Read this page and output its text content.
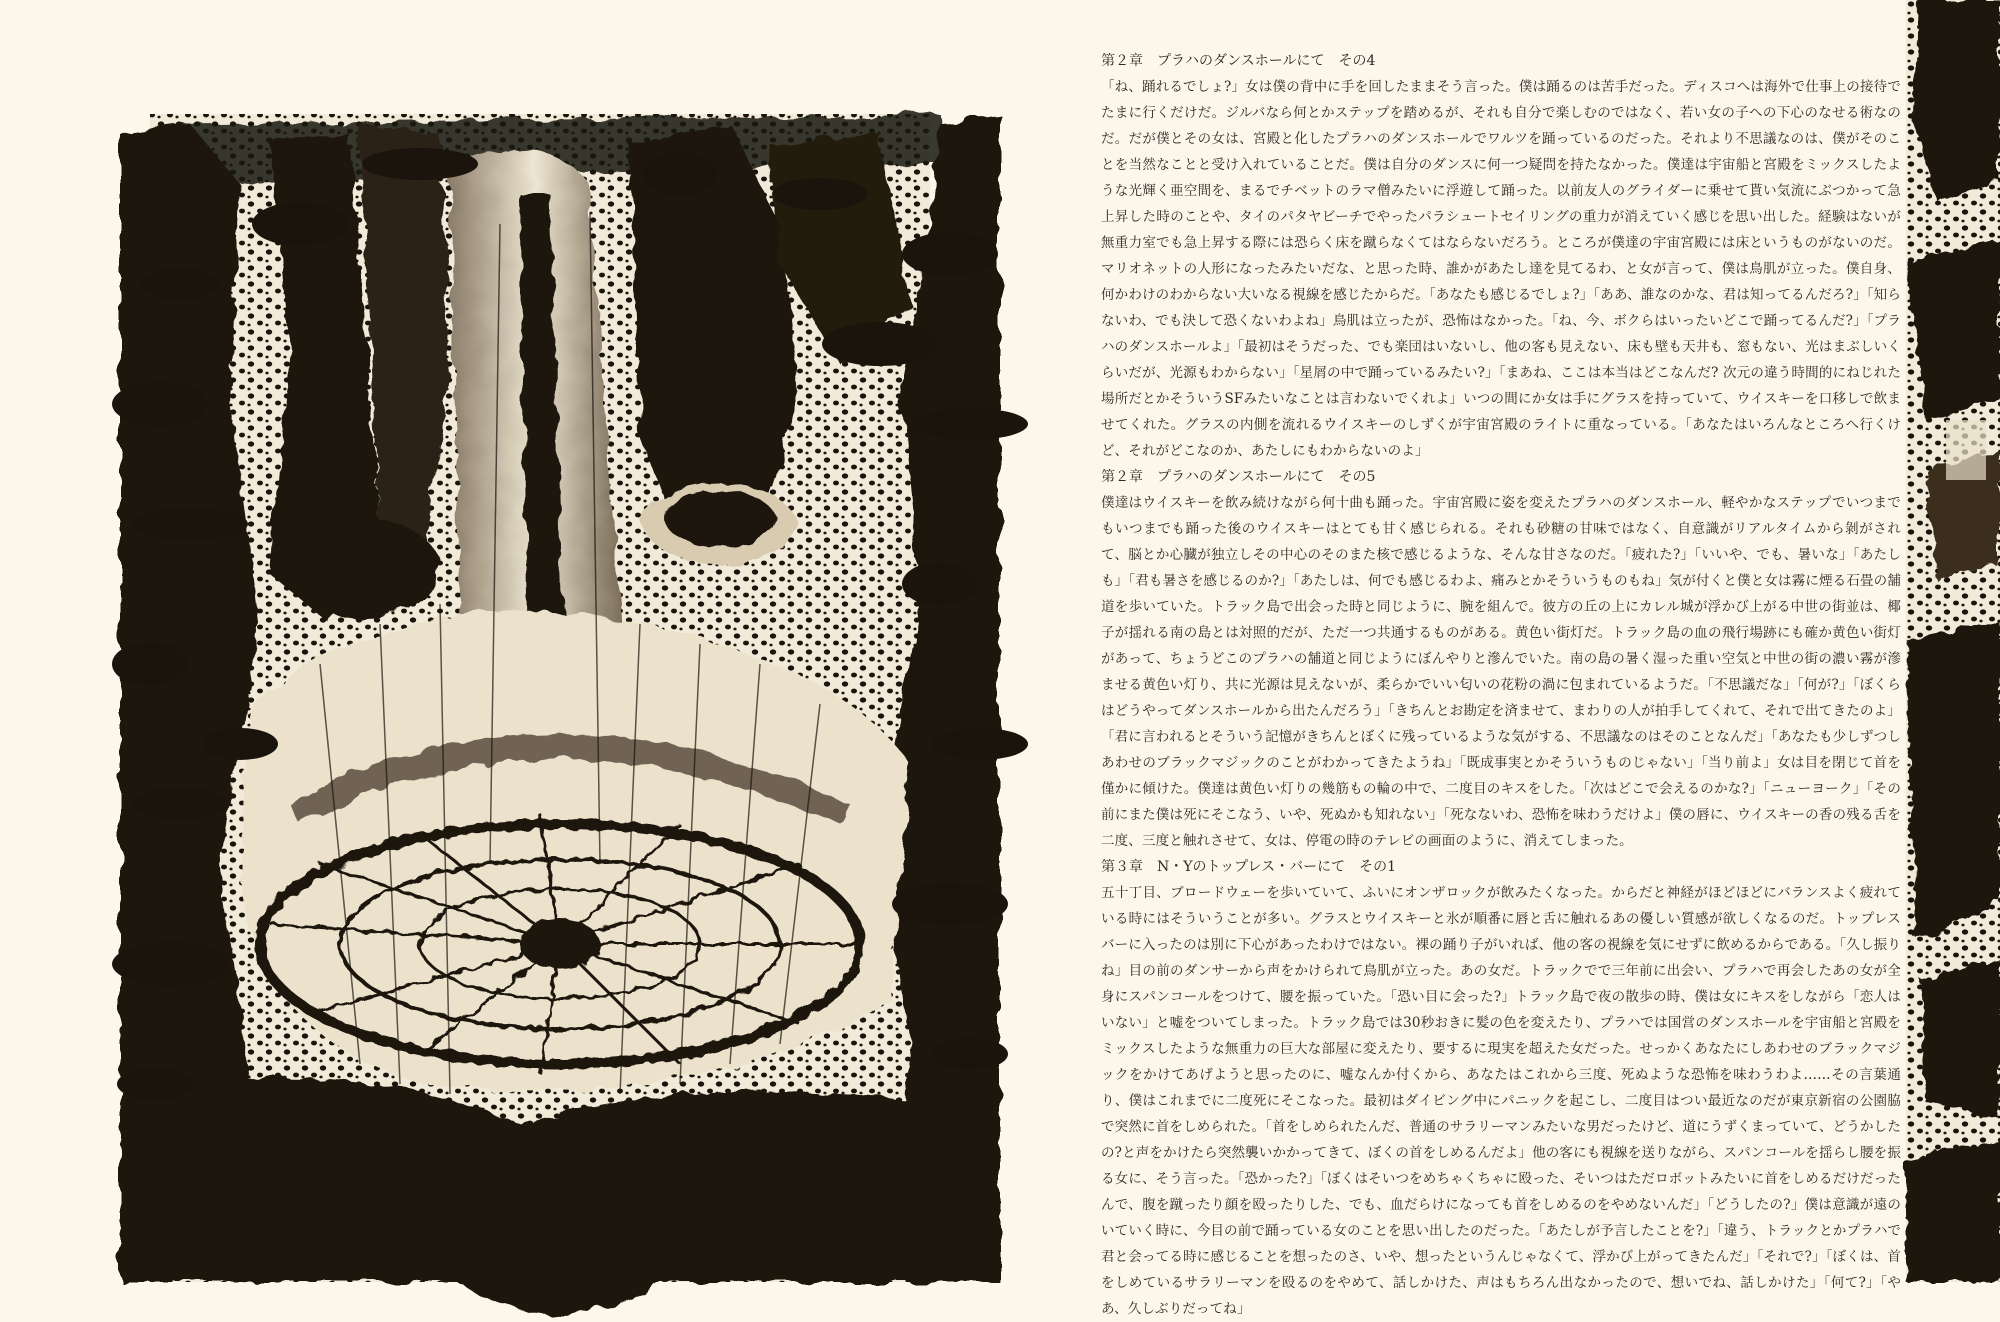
第２章　プラハのダンスホールにて　その4

「ね、踊れるでしょ?」女は僕の背中に手を回したままそう言った。僕は踊るのは苦手だった。ディスコへは海外で仕事上の接待でたまに行くだけだ。ジルバなら何とかステップを踏めるが、それも自分で楽しむのではなく、若い女の子への下心のなせる術なのだ。だが僕とその女は、宮殿と化したプラハのダンスホールでワルツを踊っているのだった。それより不思議なのは、僕がそのことを当然なことと受け入れていることだ。僕は自分のダンスに何一つ疑問を持たなかった。僕達は宇宙船と宮殿をミックスしたような光輝く亜空間を、まるでチベットのラマ僧みたいに浮遊して踊った。以前友人のグライダーに乗せて貰い気流にぶつかって急上昇した時のことや、タイのパタヤビーチでやったパラシュートセイリングの重力が消えていく感じを思い出した。経験はないが無重力室でも急上昇する際には恐らく床を蹴らなくてはならないだろう。ところが僕達の宇宙宮殿には床というものがないのだ。マリオネットの人形になったみたいだな、と思った時、誰かがあたし達を見てるわ、と女が言って、僕は鳥肌が立った。僕自身、何かわけのわからない大いなる視線を感じたからだ。「あなたも感じるでしょ?」「ああ、誰なのかな、君は知ってるんだろ?」「知らないわ、でも決して恐くないわよね」鳥肌は立ったが、恐怖はなかった。「ね、今、ボクらはいったいどこで踊ってるんだ?」「プラハのダンスホールよ」「最初はそうだった、でも楽団はいないし、他の客も見えない、床も壁も天井も、窓もない、光はまぶしいくらいだが、光源もわからない」「星屑の中で踊っているみたい?」「まあね、ここは本当はどこなんだ? 次元の違う時間的にねじれた場所だとかそういうSFみたいなことは言わないでくれよ」いつの間にか女は手にグラスを持っていて、ウイスキーを口移しで飲ませてくれた。グラスの内側を流れるウイスキーのしずくが宇宙宮殿のライトに重なっている。「あなたはいろんなところへ行くけど、それがどこなのか、あたしにもわからないのよ」

第２章　プラハのダンスホールにて　その5

僕達はウイスキーを飲み続けながら何十曲も踊った。宇宙宮殿に姿を変えたプラハのダンスホール、軽やかなステップでいつまでもいつまでも踊った後のウイスキーはとても甘く感じられる。それも砂糖の甘味ではなく、自意識がリアルタイムから剝がされて、脳とか心臓が独立しその中心のそのまた核で感じるような、そんな甘さなのだ。「疲れた?」「いいや、でも、暑いな」「あたしも」「君も暑さを感じるのか?」「あたしは、何でも感じるわよ、痛みとかそういうものもね」気が付くと僕と女は霧に煙る石畳の舗道を歩いていた。トラック島で出会った時と同じように、腕を組んで。彼方の丘の上にカレル城が浮かび上がる中世の街並は、椰子が揺れる南の島とは対照的だが、ただ一つ共通するものがある。黄色い街灯だ。トラック島の血の飛行場跡にも確か黄色い街灯があって、ちょうどこのプラハの舗道と同じようにぼんやりと滲んでいた。南の島の暑く湿った重い空気と中世の街の濃い霧が滲ませる黄色い灯り、共に光源は見えないが、柔らかでいい匂いの花粉の渦に包まれているようだ。「不思議だな」「何が?」「ぼくらはどうやってダンスホールから出たんだろう」「きちんとお勘定を済ませて、まわりの人が拍手してくれて、それで出てきたのよ」「君に言われるとそういう記憶がきちんとぼくに残っているような気がする、不思議なのはそのことなんだ」「あなたも少しずつしあわせのブラックマジックのことがわかってきたようね」「既成事実とかそういうものじゃない」「当り前よ」女は目を閉じて首を僅かに傾けた。僕達は黄色い灯りの幾筋もの輪の中で、二度目のキスをした。「次はどこで会えるのかな?」「ニューヨーク」「その前にまた僕は死にそこなう、いや、死ぬかも知れない」「死なないわ、恐怖を味わうだけよ」僕の唇に、ウイスキーの香の残る舌を二度、三度と触れさせて、女は、停電の時のテレビの画面のように、消えてしまった。

第３章　N・Yのトップレス・バーにて　その1

五十丁目、ブロードウェーを歩いていて、ふいにオンザロックが飲みたくなった。からだと神経がほどほどにバランスよく疲れている時にはそういうことが多い。グラスとウイスキーと氷が順番に唇と舌に触れるあの優しい質感が欲しくなるのだ。トップレスバーに入ったのは別に下心があったわけではない。裸の踊り子がいれば、他の客の視線を気にせずに飲めるからである。「久し振りね」目の前のダンサーから声をかけられて鳥肌が立った。あの女だ。トラックでで三年前に出会い、プラハで再会したあの女が全身にスパンコールをつけて、腰を振っていた。「恐い目に会った?」トラック島で夜の散歩の時、僕は女にキスをしながら「恋人はいない」と嘘をついてしまった。トラック島では30秒おきに髪の色を変えたり、プラハでは国営のダンスホールを宇宙船と宮殿をミックスしたような無重力の巨大な部屋に変えたり、要するに現実を超えた女だった。せっかくあなたにしあわせのブラックマジックをかけてあげようと思ったのに、嘘なんか付くから、あなたはこれから三度、死ぬような恐怖を味わうわよ……その言葉通り、僕はこれまでに二度死にそこなった。最初はダイビング中にパニックを起こし、二度目はつい最近なのだが東京新宿の公園脇で突然に首をしめられた。「首をしめられたんだ、普通のサラリーマンみたいな男だったけど、道にうずくまっていて、どうかしたの?と声をかけたら突然襲いかかってきて、ぼくの首をしめるんだよ」他の客にも視線を送りながら、スパンコールを揺らし腰を振る女に、そう言った。「恐かった?」「ぼくはそいつをめちゃくちゃに殴った、そいつはただロボットみたいに首をしめるだけだったんで、腹を蹴ったり顔を殴ったりした、でも、血だらけになっても首をしめるのをやめないんだ」「どうしたの?」僕は意識が遠のいていく時に、今目の前で踊っている女のことを思い出したのだった。「あたしが予言したことを?」「違う、トラックとかプラハで君と会ってる時に感じることを想ったのさ、いや、想ったというんじゃなくて、浮かび上がってきたんだ」「それで?」「ぼくは、首をしめているサラリーマンを殴るのをやめて、話しかけた、声はもちろん出なかったので、想いでね、話しかけた」「何て?」「やあ、久しぶりだってね」
